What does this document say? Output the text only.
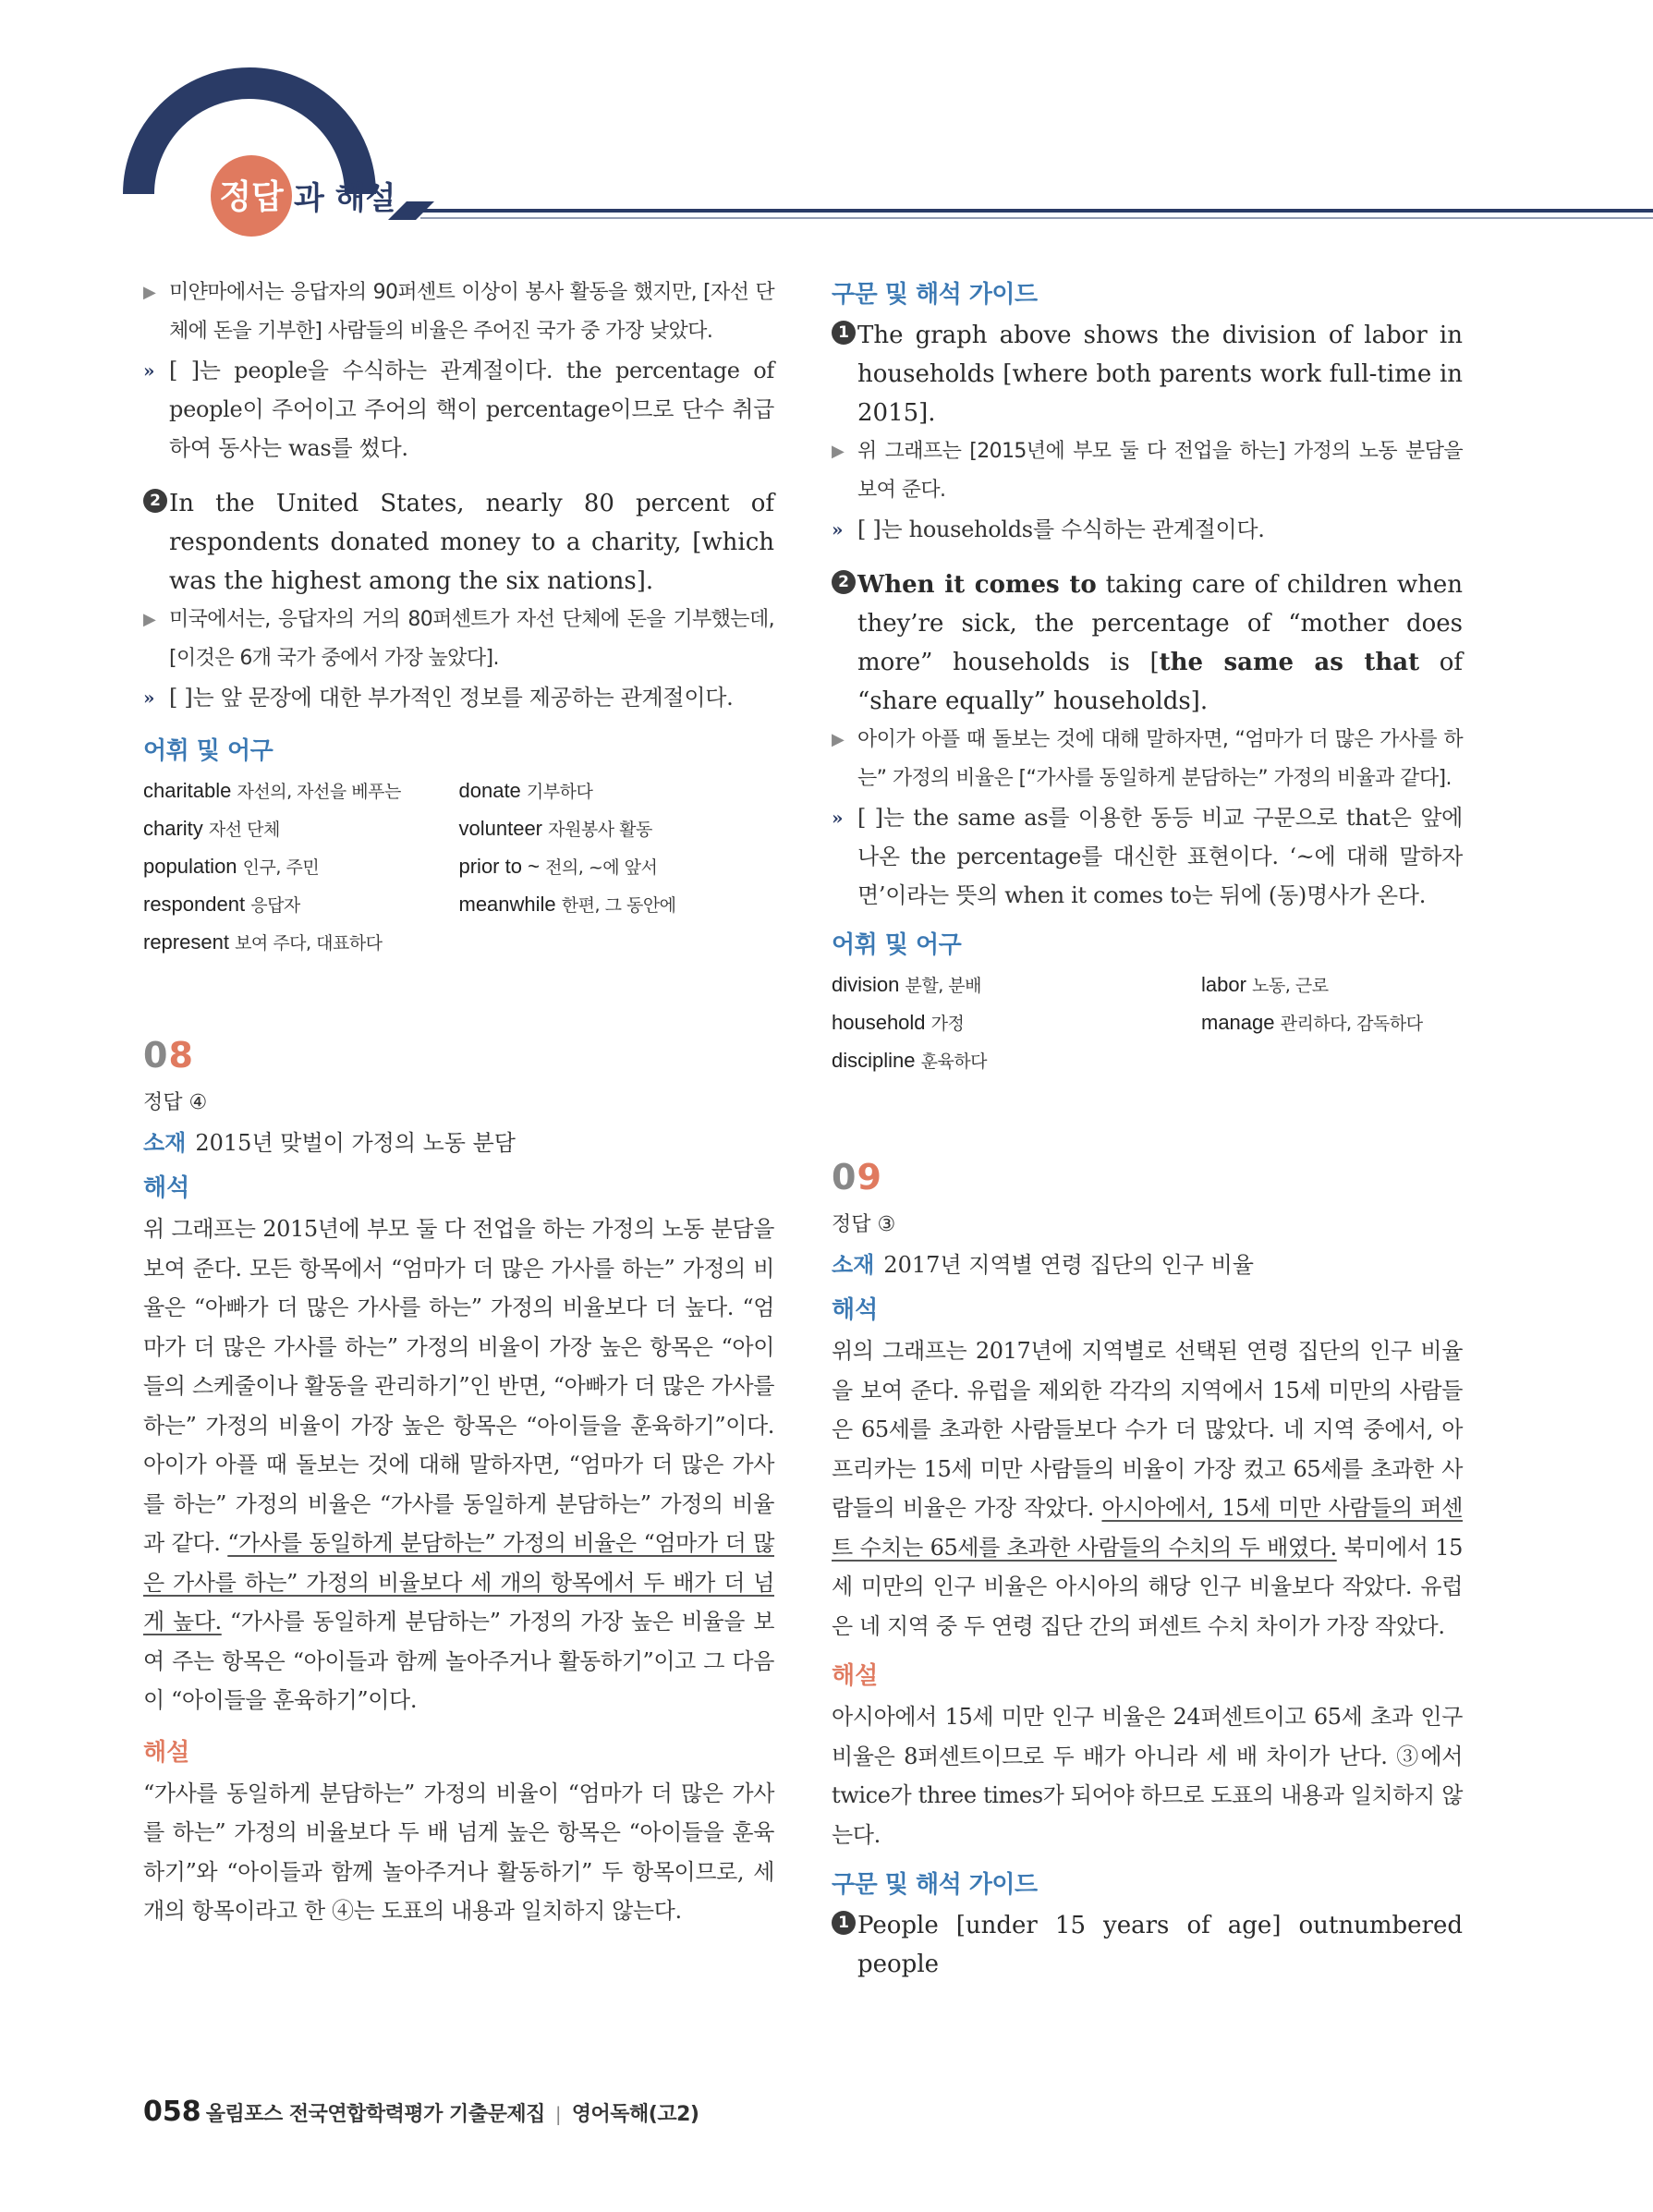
정답 과 해설
▶ 미얀마에서는 응답자의 90퍼센트 이상이 봉사 활동을 했지만, [자선 단체에 돈을 기부한] 사람들의 비율은 주어진 국가 중 가장 낮았다.

» [ ]는 people을 수식하는 관계절이다. the percentage of people이 주어이고 주어의 핵이 percentage이므로 단수 취급하여 동사는 was를 썼다.

2 In the United States, nearly 80 percent of respondents donated money to a charity, [which was the highest among the six nations].

▶ 미국에서는, 응답자의 거의 80퍼센트가 자선 단체에 돈을 기부했는데, [이것은 6개 국가 중에서 가장 높았다].

» [ ]는 앞 문장에 대한 부가적인 정보를 제공하는 관계절이다.

어휘 및 어구
charitable 자선의, 자선을 베푸는	donate 기부하다
charity 자선 단체	volunteer 자원봉사 활동
population 인구, 주민	prior to ~ 전의, ~에 앞서
respondent 응답자	meanwhile 한편, 그 동안에
represent 보여 주다, 대표하다
08
정답 ④
소재 2015년 맞벌이 가정의 노동 분담
해석

위 그래프는 2015년에 부모 둘 다 전업을 하는 가정의 노동 분담을 보여 준다. 모든 항목에서 “엄마가 더 많은 가사를 하는” 가정의 비율은 “아빠가 더 많은 가사를 하는” 가정의 비율보다 더 높다. “엄마가 더 많은 가사를 하는” 가정의 비율이 가장 높은 항목은 “아이들의 스케줄이나 활동을 관리하기”인 반면, “아빠가 더 많은 가사를 하는” 가정의 비율이 가장 높은 항목은 “아이들을 훈육하기”이다. 아이가 아플 때 돌보는 것에 대해 말하자면, “엄마가 더 많은 가사를 하는” 가정의 비율은 “가사를 동일하게 분담하는” 가정의 비율과 같다. “가사를 동일하게 분담하는” 가정의 비율은 “엄마가 더 많은 가사를 하는” 가정의 비율보다 세 개의 항목에서 두 배가 더 넘게 높다. “가사를 동일하게 분담하는” 가정의 가장 높은 비율을 보여 주는 항목은 “아이들과 함께 놀아주거나 활동하기”이고 그 다음이 “아이들을 훈육하기”이다.

해설

“가사를 동일하게 분담하는” 가정의 비율이 “엄마가 더 많은 가사를 하는” 가정의 비율보다 두 배 넘게 높은 항목은 “아이들을 훈육하기”와 “아이들과 함께 놀아주거나 활동하기” 두 항목이므로, 세 개의 항목이라고 한 ④는 도표의 내용과 일치하지 않는다.

구문 및 해석 가이드
1 The graph above shows the division of labor in households [where both parents work full-time in 2015].

▶ 위 그래프는 [2015년에 부모 둘 다 전업을 하는] 가정의 노동 분담을 보여 준다.

» [ ]는 households를 수식하는 관계절이다.

2 When it comes to taking care of children when they’re sick, the percentage of “mother does more” households is [the same as that of “share equally” households].

▶ 아이가 아플 때 돌보는 것에 대해 말하자면, “엄마가 더 많은 가사를 하는” 가정의 비율은 [“가사를 동일하게 분담하는” 가정의 비율과 같다].

» [ ]는 the same as를 이용한 동등 비교 구문으로 that은 앞에 나온 the percentage를 대신한 표현이다. ‘~에 대해 말하자면’이라는 뜻의 when it comes to는 뒤에 (동)명사가 온다.

어휘 및 어구
division 분할, 분배	labor 노동, 근로
household 가정	manage 관리하다, 감독하다
discipline 훈육하다
09
정답 ③
소재 2017년 지역별 연령 집단의 인구 비율
해석

위의 그래프는 2017년에 지역별로 선택된 연령 집단의 인구 비율을 보여 준다. 유럽을 제외한 각각의 지역에서 15세 미만의 사람들은 65세를 초과한 사람들보다 수가 더 많았다. 네 지역 중에서, 아프리카는 15세 미만 사람들의 비율이 가장 컸고 65세를 초과한 사람들의 비율은 가장 작았다. 아시아에서, 15세 미만 사람들의 퍼센트 수치는 65세를 초과한 사람들의 수치의 두 배였다. 북미에서 15세 미만의 인구 비율은 아시아의 해당 인구 비율보다 작았다. 유럽은 네 지역 중 두 연령 집단 간의 퍼센트 수치 차이가 가장 작았다.

해설

아시아에서 15세 미만 인구 비율은 24퍼센트이고 65세 초과 인구 비율은 8퍼센트이므로 두 배가 아니라 세 배 차이가 난다. ③에서 twice가 three times가 되어야 하므로 도표의 내용과 일치하지 않는다.

구문 및 해석 가이드
1 People [under 15 years of age] outnumbered people

058 올림포스 전국연합학력평가 기출문제집 | 영어독해(고2)
